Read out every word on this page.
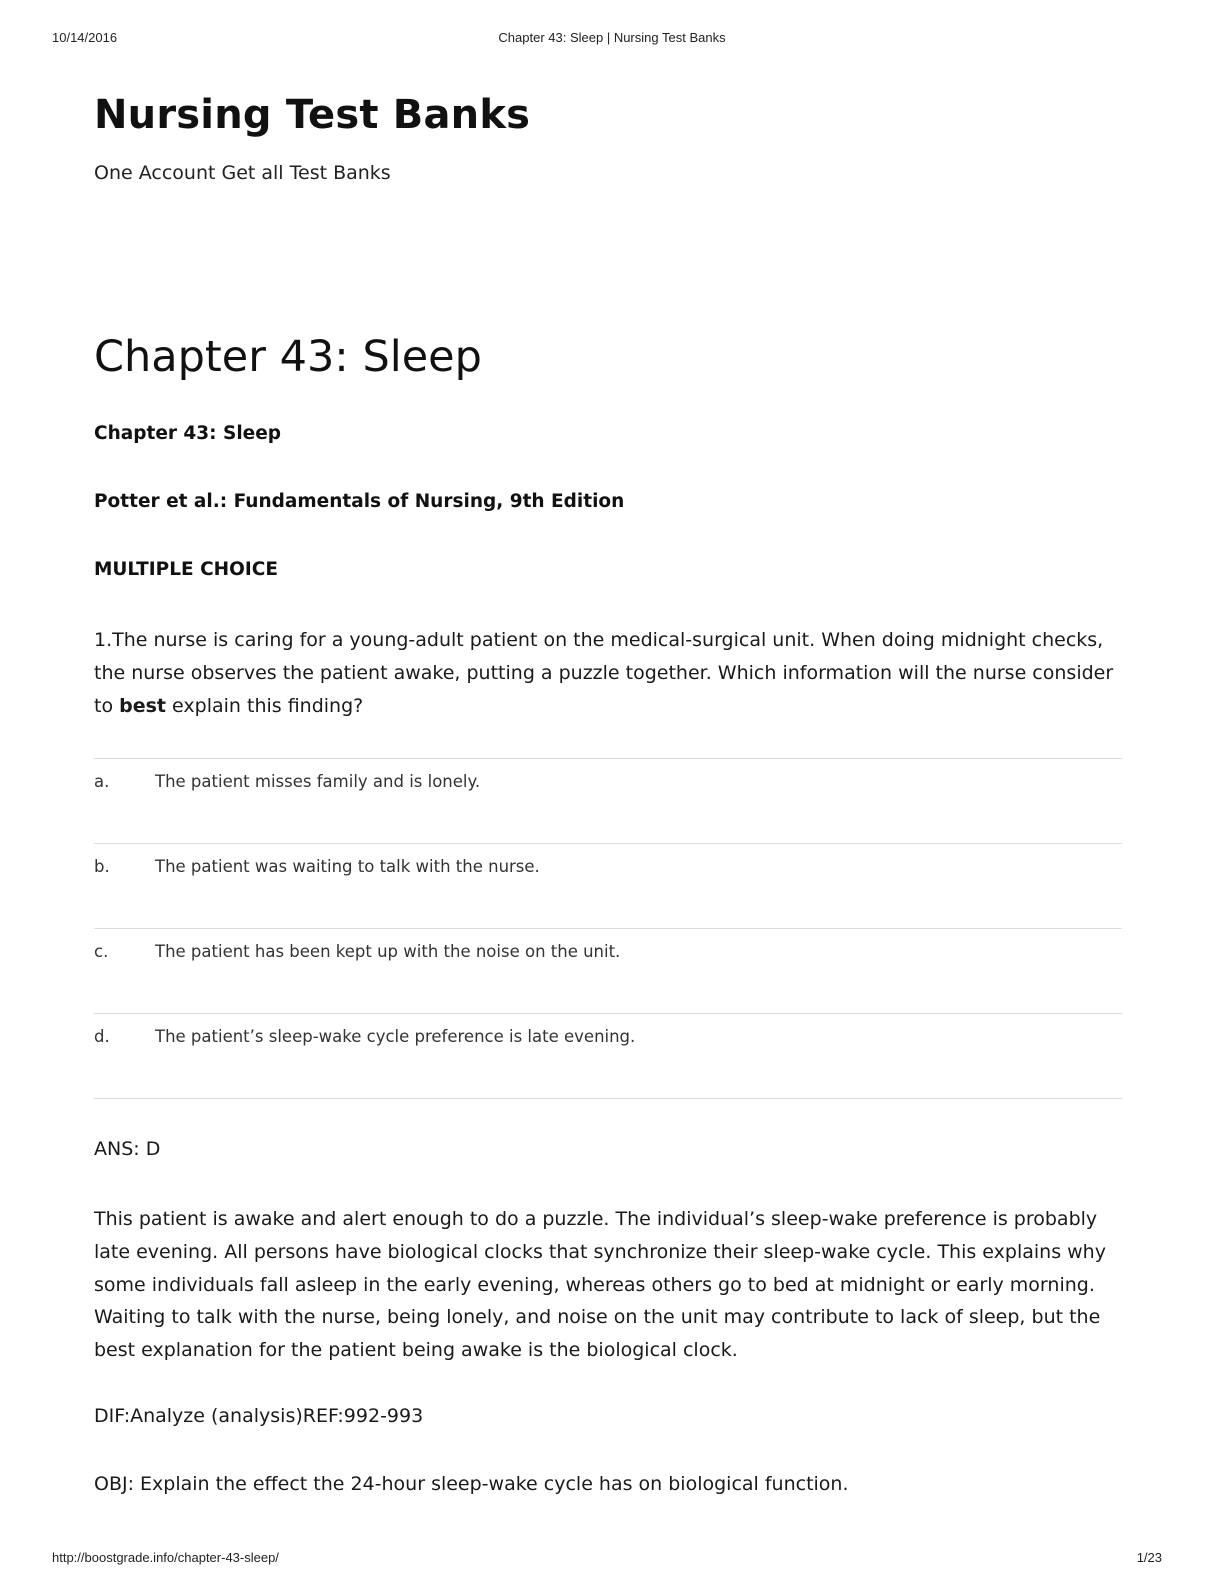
10/14/2016	Chapter 43: Sleep | Nursing Test Banks
Nursing Test Banks

One Account Get all Test Banks

Chapter 43: Sleep

Chapter 43: Sleep

Potter et al.: Fundamentals of Nursing, 9th Edition

MULTIPLE CHOICE

1.The nurse is caring for a young-adult patient on the medical-surgical unit. When doing midnight checks, the nurse observes the patient awake, putting a puzzle together. Which information will the nurse consider to best explain this finding?

a.	The patient misses family and is lonely.
b.	The patient was waiting to talk with the nurse.
c.	The patient has been kept up with the noise on the unit.
d.	The patient’s sleep-wake cycle preference is late evening.

ANS: D

This patient is awake and alert enough to do a puzzle. The individual’s sleep-wake preference is probably late evening. All persons have biological clocks that synchronize their sleep-wake cycle. This explains why some individuals fall asleep in the early evening, whereas others go to bed at midnight or early morning. Waiting to talk with the nurse, being lonely, and noise on the unit may contribute to lack of sleep, but the best explanation for the patient being awake is the biological clock.

DIF:Analyze (analysis)REF:992-993

OBJ: Explain the effect the 24-hour sleep-wake cycle has on biological function.

http://boostgrade.info/chapter-43-sleep/	1/23
